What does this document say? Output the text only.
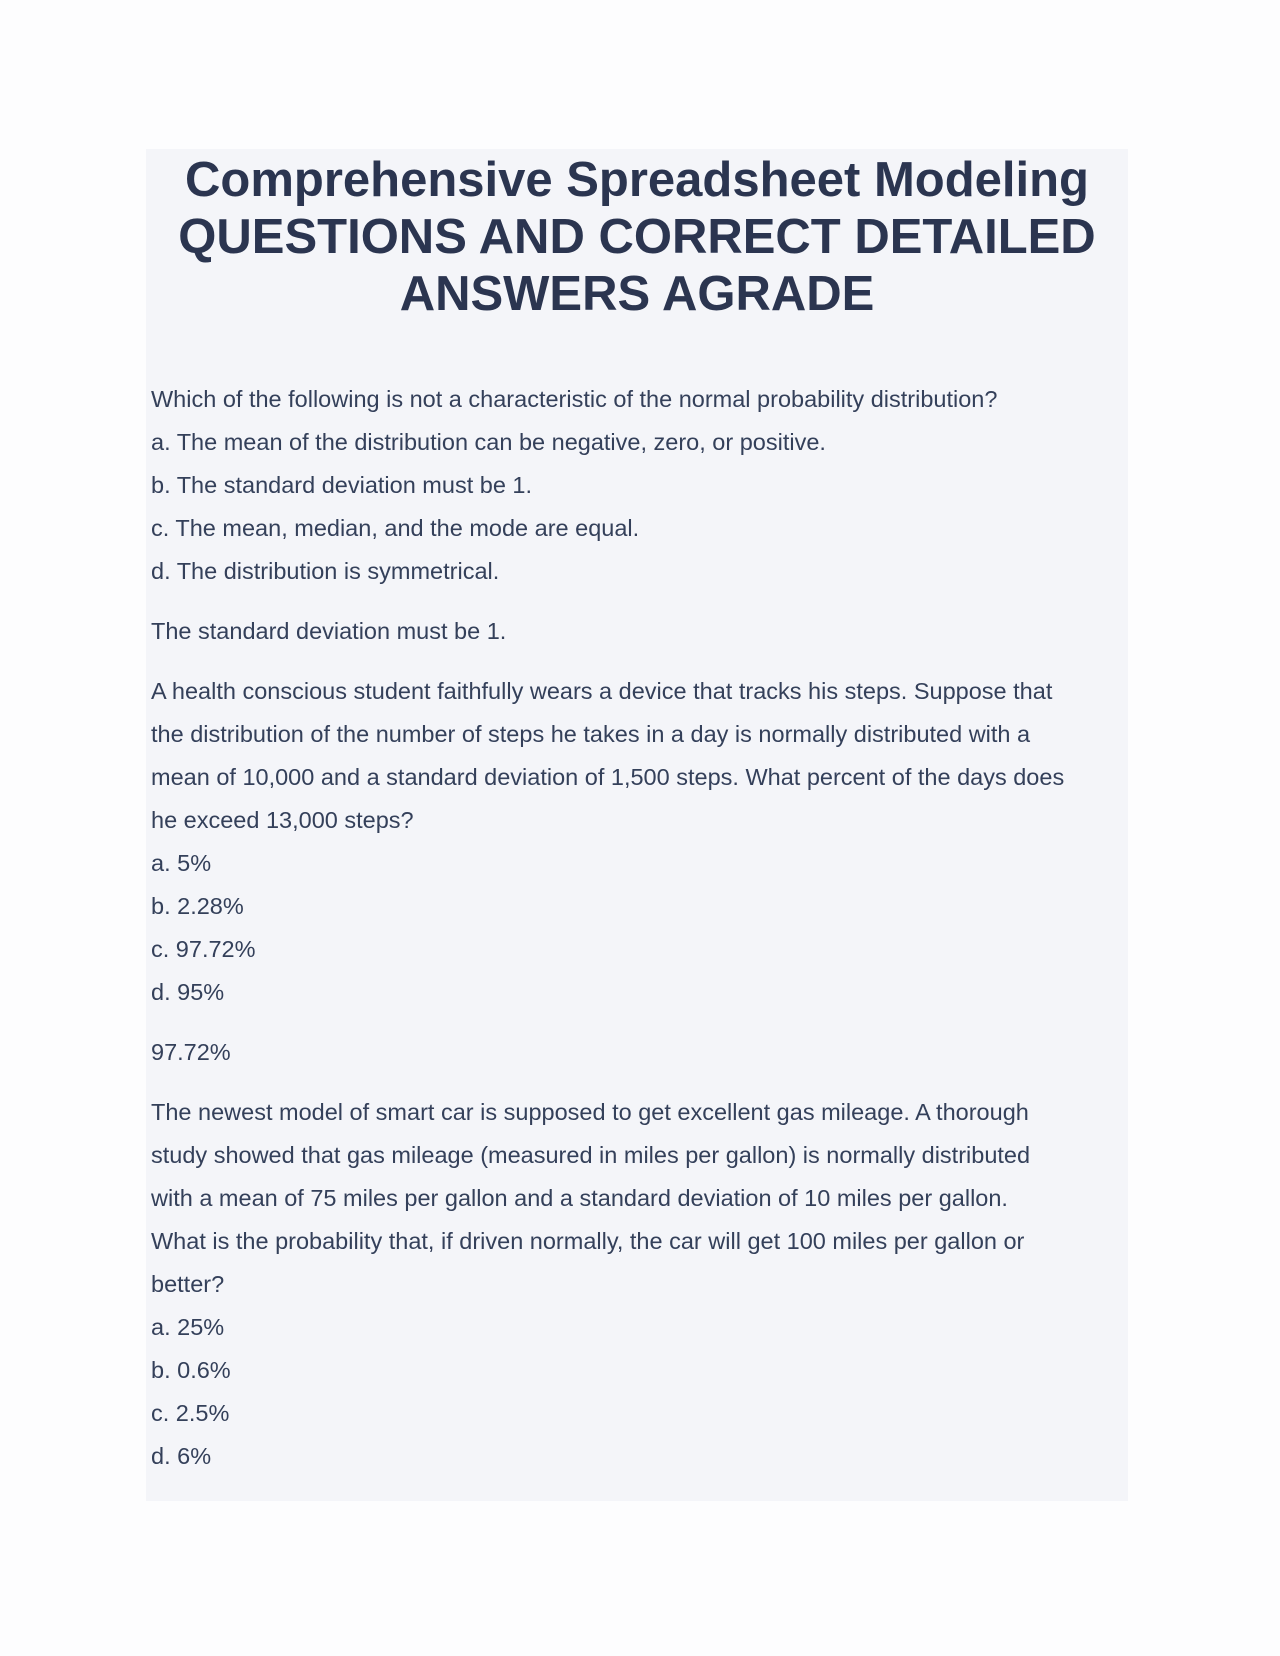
Comprehensive Spreadsheet Modeling
QUESTIONS AND CORRECT DETAILED
ANSWERS AGRADE

Which of the following is not a characteristic of the normal probability distribution?

a. The mean of the distribution can be negative, zero, or positive.

b. The standard deviation must be 1.

c. The mean, median, and the mode are equal.

d. The distribution is symmetrical.

The standard deviation must be 1.

A health conscious student faithfully wears a device that tracks his steps. Suppose that

the distribution of the number of steps he takes in a day is normally distributed with a

mean of 10,000 and a standard deviation of 1,500 steps. What percent of the days does

he exceed 13,000 steps?

a. 5%

b. 2.28%

c. 97.72%

d. 95%

97.72%

The newest model of smart car is supposed to get excellent gas mileage. A thorough

study showed that gas mileage (measured in miles per gallon) is normally distributed

with a mean of 75 miles per gallon and a standard deviation of 10 miles per gallon.

What is the probability that, if driven normally, the car will get 100 miles per gallon or

better?

a. 25%

b. 0.6%

c. 2.5%

d. 6%
